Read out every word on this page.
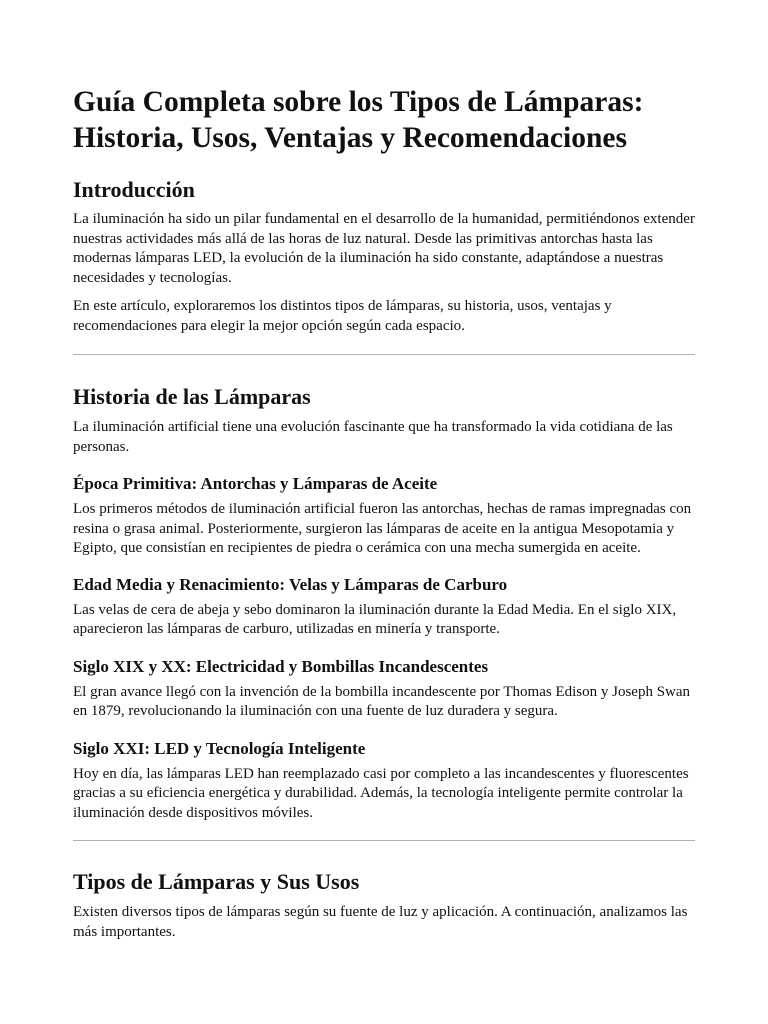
Guía Completa sobre los Tipos de Lámparas: Historia, Usos, Ventajas y Recomendaciones
Introducción

La iluminación ha sido un pilar fundamental en el desarrollo de la humanidad, permitiéndonos extender nuestras actividades más allá de las horas de luz natural. Desde las primitivas antorchas hasta las modernas lámparas LED, la evolución de la iluminación ha sido constante, adaptándose a nuestras necesidades y tecnologías.

En este artículo, exploraremos los distintos tipos de lámparas, su historia, usos, ventajas y recomendaciones para elegir la mejor opción según cada espacio.

Historia de las Lámparas

La iluminación artificial tiene una evolución fascinante que ha transformado la vida cotidiana de las personas.

Época Primitiva: Antorchas y Lámparas de Aceite

Los primeros métodos de iluminación artificial fueron las antorchas, hechas de ramas impregnadas con resina o grasa animal. Posteriormente, surgieron las lámparas de aceite en la antigua Mesopotamia y Egipto, que consistían en recipientes de piedra o cerámica con una mecha sumergida en aceite.

Edad Media y Renacimiento: Velas y Lámparas de Carburo

Las velas de cera de abeja y sebo dominaron la iluminación durante la Edad Media. En el siglo XIX, aparecieron las lámparas de carburo, utilizadas en minería y transporte.

Siglo XIX y XX: Electricidad y Bombillas Incandescentes

El gran avance llegó con la invención de la bombilla incandescente por Thomas Edison y Joseph Swan en 1879, revolucionando la iluminación con una fuente de luz duradera y segura.

Siglo XXI: LED y Tecnología Inteligente

Hoy en día, las lámparas LED han reemplazado casi por completo a las incandescentes y fluorescentes gracias a su eficiencia energética y durabilidad. Además, la tecnología inteligente permite controlar la iluminación desde dispositivos móviles.

Tipos de Lámparas y Sus Usos

Existen diversos tipos de lámparas según su fuente de luz y aplicación. A continuación, analizamos las más importantes.
